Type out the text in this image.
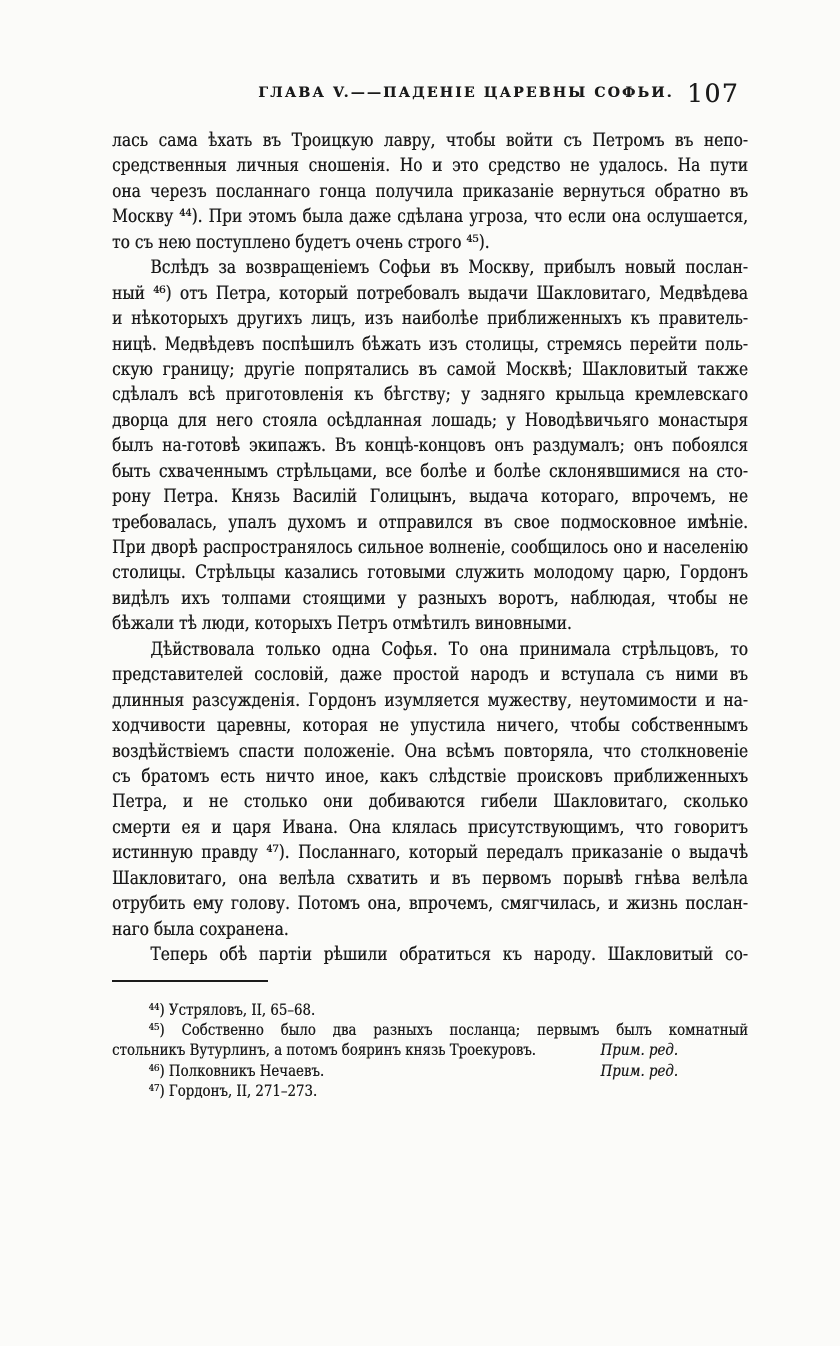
ГЛАВА V.——ПАДЕНІЕ ЦАРЕВНЫ СОФЬИ. 107
лась сама ѣхать въ Троицкую лавру, чтобы войти съ Петромъ въ непо-
средственныя личныя сношенія. Но и это средство не удалось. На пути
она черезъ посланнаго гонца получила приказаніе вернуться обратно въ
Москву ⁴⁴). При этомъ была даже сдѣлана угроза, что если она ослушается,
то съ нею поступлено будетъ очень строго ⁴⁵).
Вслѣдъ за возвращеніемъ Софьи въ Москву, прибылъ новый послан-
ный ⁴⁶) отъ Петра, который потребовалъ выдачи Шакловитаго, Медвѣдева
и нѣкоторыхъ другихъ лицъ, изъ наиболѣе приближенныхъ къ правитель-
ницѣ. Медвѣдевъ поспѣшилъ бѣжать изъ столицы, стремясь перейти поль-
скую границу; другіе попрятались въ самой Москвѣ; Шакловитый также
сдѣлалъ всѣ приготовленія къ бѣгству; у задняго крыльца кремлевскаго
дворца для него стояла осѣдланная лошадь; у Новодѣвичьяго монастыря
былъ на-готовѣ экипажъ. Въ концѣ-концовъ онъ раздумалъ; онъ побоялся
быть схваченнымъ стрѣльцами, все болѣе и болѣе склонявшимися на сто-
рону Петра. Князь Василій Голицынъ, выдача котораго, впрочемъ, не
требовалась, упалъ духомъ и отправился въ свое подмосковное имѣніе.
При дворѣ распространялось сильное волненіе, сообщилось оно и населенію
столицы. Стрѣльцы казались готовыми служить молодому царю, Гордонъ
видѣлъ ихъ толпами стоящими у разныхъ воротъ, наблюдая, чтобы не
бѣжали тѣ люди, которыхъ Петръ отмѣтилъ виновными.
Дѣйствовала только одна Софья. То она принимала стрѣльцовъ, то
представителей сословій, даже простой народъ и вступала съ ними въ
длинныя разсужденія. Гордонъ изумляется мужеству, неутомимости и на-
ходчивости царевны, которая не упустила ничего, чтобы собственнымъ
воздѣйствіемъ спасти положеніе. Она всѣмъ повторяла, что столкновеніе
съ братомъ есть ничто иное, какъ слѣдствіе происковъ приближенныхъ
Петра, и не столько они добиваются гибели Шакловитаго, сколько
смерти ея и царя Ивана. Она клялась присутствующимъ, что говоритъ
истинную правду ⁴⁷). Посланнаго, который передалъ приказаніе о выдачѣ
Шакловитаго, она велѣла схватить и въ первомъ порывѣ гнѣва велѣла
отрубить ему голову. Потомъ она, впрочемъ, смягчилась, и жизнь послан-
наго была сохранена.
Теперь обѣ партіи рѣшили обратиться къ народу. Шакловитый со-
⁴⁴) Устряловъ, II, 65–68.
⁴⁵) Собственно было два разныхъ посланца; первымъ былъ комнатный
стольникъ Вутурлинъ, а потомъ бояринъ князь Троекуровъ.	Прим. ред.
⁴⁶) Полковникъ Нечаевъ.	Прим. ред.
⁴⁷) Гордонъ, II, 271–273.
